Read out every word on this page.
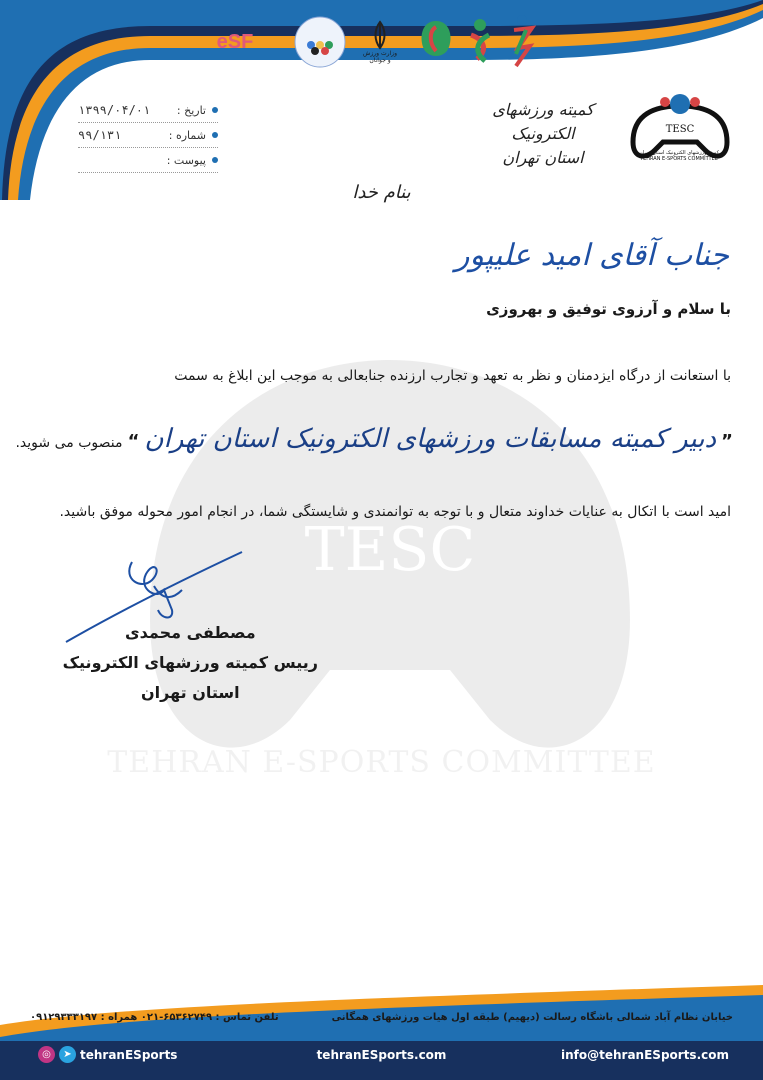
eSF
وزارت ورزش
و جوانان
TESC
TEHRAN E-SPORTS COMMITTEE
تاریخ :
۱۳۹۹/۰۴/۰۱
شماره :
۹۹/۱۳۱
پیوست :
کمیته ورزشهای الکترونیک
استان تهران
TESC
کمیته ورزشهای الکترونیک استان تهران
TEHRAN E-SPORTS COMMITTEE
بنام خدا
جناب آقای امید علیپور
با سلام و آرزوی توفیق و بهروزی
با استعانت از درگاه ایزدمنان و نظر به تعهد و تجارب ارزنده جنابعالی به موجب این ابلاغ به سمت
” دبیر کمیته مسابقات ورزشهای الکترونیک استان تهران “ منصوب می شوید.
امید است با اتکال به عنایات خداوند متعال و با توجه به توانمندی و شایستگی شما، در انجام امور محوله موفق باشید.
مصطفی محمدی
رییس کمیته ورزشهای الکترونیک
استان تهران
خیابان نظام آباد شمالی باشگاه رسالت (دیهیم) طبقه اول هیات ورزشهای همگانی
تلفن تماس : ۶۵۳۶۲۷۴۹-۰۲۱ همراه : ۰۹۱۲۹۳۳۳۱۹۷
◎	➤ tehranESports	tehranESports.com	info@tehranESports.com
